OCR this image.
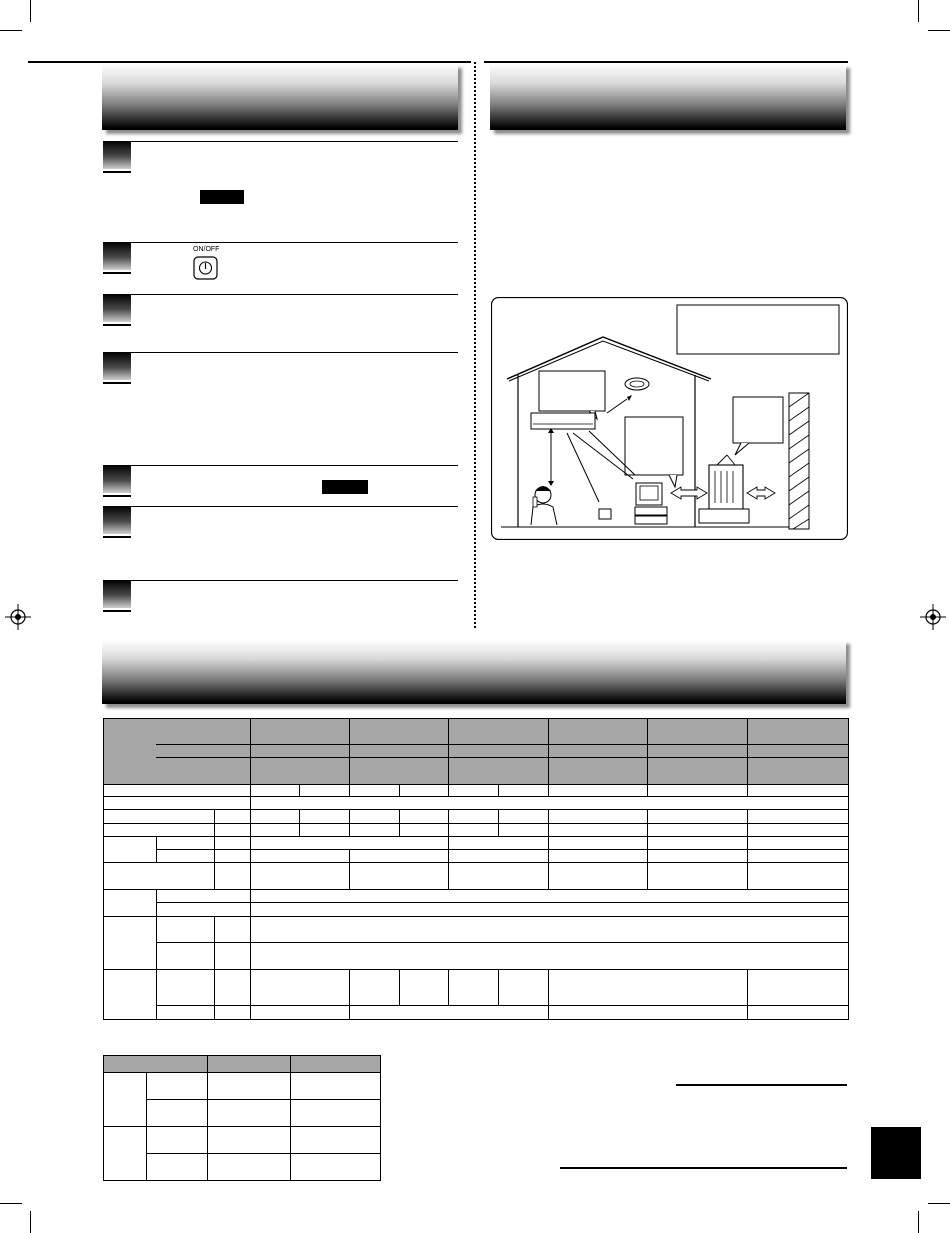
ON/OFF
